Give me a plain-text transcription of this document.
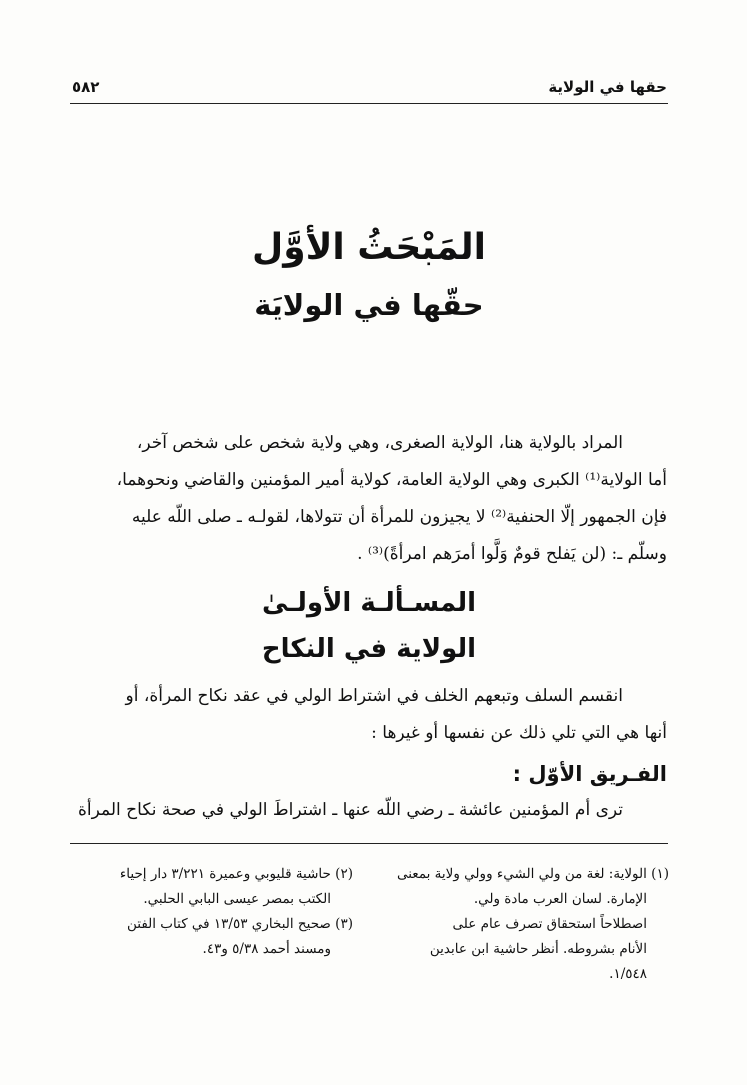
حقها في الولاية
٥٨٢
المَبْحَثُ الأوَّل
حقّها في الولايَة
المراد بالولاية هنا، الولاية الصغرى، وهي ولاية شخص على شخص آخر،
أما الولاية⁽¹⁾ الكبرى وهي الولاية العامة، كولاية أمير المؤمنين والقاضي ونحوهما،
فإن الجمهور إلّا الحنفية⁽²⁾ لا يجيزون للمرأة أن تتولاها، لقولـه ـ صلى اللّه عليه
وسلّم ـ: (لن يَفلح قومٌ وَلَّوا أمرَهم امرأةً)⁽³⁾ .
المسـألـة الأولـىٰ
الولاية في النكاح
انقسم السلف وتبعهم الخلف في اشتراط الولي في عقد نكاح المرأة، أو
أنها هي التي تلي ذلك عن نفسها أو غيرها :
الفـريق الأوّل :
ترى أم المؤمنين عائشة ـ رضي اللّه عنها ـ اشتراطَ الولي في صحة نكاح المرأة
(١) الولاية: لغة من ولي الشيء وولي ولاية بمعنى
الإمارة. لسان العرب مادة ولي.
اصطلاحاً استحقاق تصرف عام على
الأنام بشروطه. أنظر حاشية ابن عابدين
١/٥٤٨.
(٢) حاشية قليوبي وعميرة ٣/٢٢١ دار إحياء
الكتب بمصر عيسى البابي الحلبي.
(٣) صحيح البخاري ١٣/٥٣ في كتاب الفتن
ومسند أحمد ٥/٣٨ و٤٣.
